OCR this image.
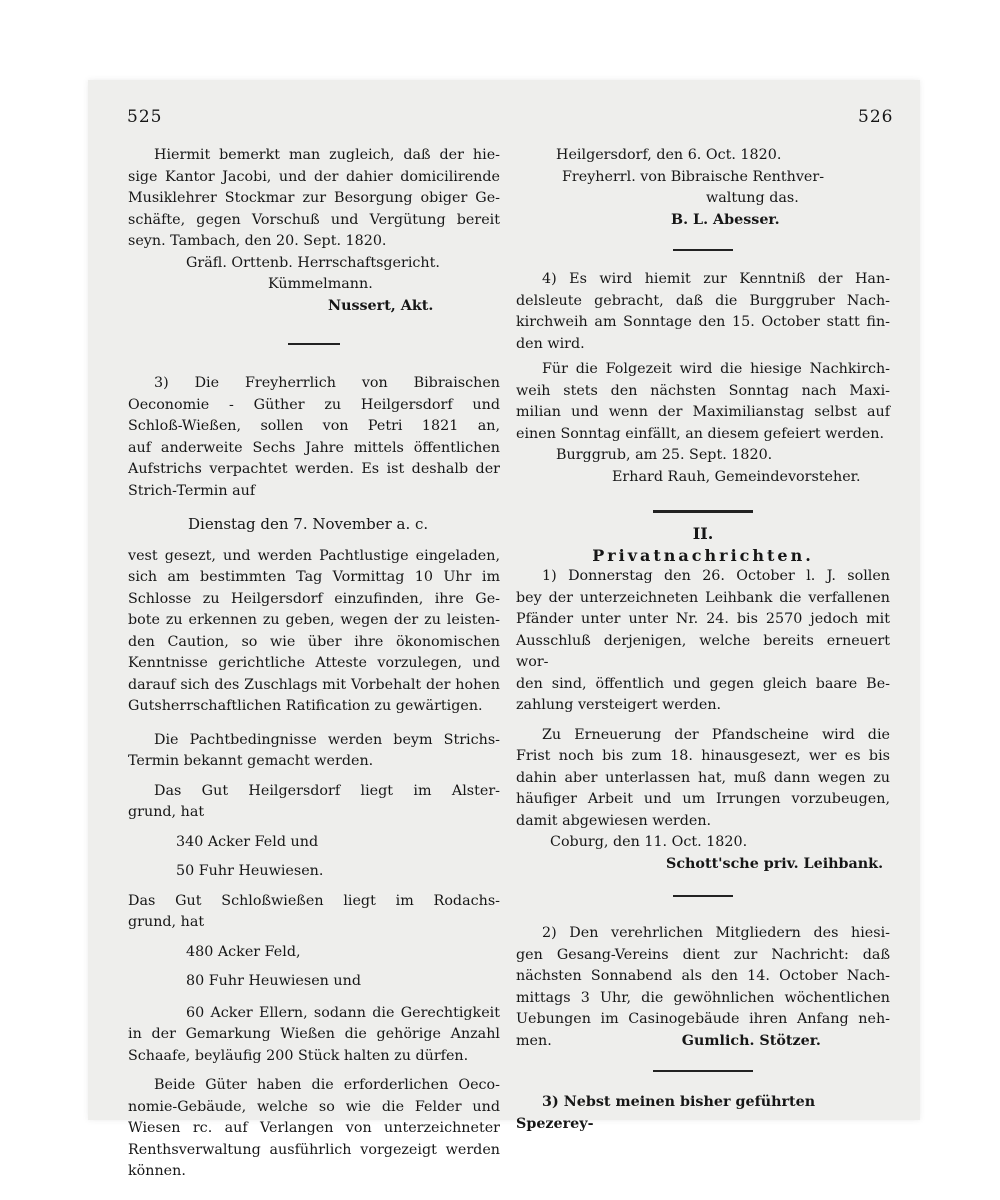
525	526

Hiermit bemerkt man zugleich, daß der hie-

sige Kantor Jacobi, und der dahier domicilirende

Musiklehrer Stockmar zur Besorgung obiger Ge-

schäfte, gegen Vorschuß und Vergütung bereit

seyn. Tambach, den 20. Sept. 1820.

Gräfl. Orttenb. Herrschaftsgericht.

Kümmelmann.

Nussert, Akt.

3) Die Freyherrlich von Bibraischen

Oeconomie - Güther zu Heilgersdorf und

Schloß-Wießen, sollen von Petri 1821 an,

auf anderweite Sechs Jahre mittels öffentlichen

Aufstrichs verpachtet werden. Es ist deshalb der

Strich-Termin auf

Dienstag den 7. November a. c.

vest gesezt, und werden Pachtlustige eingeladen,

sich am bestimmten Tag Vormittag 10 Uhr im

Schlosse zu Heilgersdorf einzufinden, ihre Ge-

bote zu erkennen zu geben, wegen der zu leisten-

den Caution, so wie über ihre ökonomischen

Kenntnisse gerichtliche Atteste vorzulegen, und

darauf sich des Zuschlags mit Vorbehalt der hohen

Gutsherrschaftlichen Ratification zu gewärtigen.

Die Pachtbedingnisse werden beym Strichs-

Termin bekannt gemacht werden.

Das Gut Heilgersdorf liegt im Alster-

grund, hat

340 Acker Feld und

50 Fuhr Heuwiesen.

Das Gut Schloßwießen liegt im Rodachs-

grund, hat

480 Acker Feld,

80 Fuhr Heuwiesen und

60 Acker Ellern, sodann die Gerechtigkeit

in der Gemarkung Wießen die gehörige Anzahl

Schaafe, beyläufig 200 Stück halten zu dürfen.

Beide Güter haben die erforderlichen Oeco-

nomie-Gebäude, welche so wie die Felder und

Wiesen rc. auf Verlangen von unterzeichneter

Renthsverwaltung ausführlich vorgezeigt werden

können.

Heilgersdorf, den 6. Oct. 1820.

Freyherrl. von Bibraische Renthver-

waltung das.

B. L. Abesser.

4) Es wird hiemit zur Kenntniß der Han-

delsleute gebracht, daß die Burggruber Nach-

kirchweih am Sonntage den 15. October statt fin-

den wird.

Für die Folgezeit wird die hiesige Nachkirch-

weih stets den nächsten Sonntag nach Maxi-

milian und wenn der Maximilianstag selbst auf

einen Sonntag einfällt, an diesem gefeiert werden.

Burggrub, am 25. Sept. 1820.

Erhard Rauh, Gemeindevorsteher.

II.

Privatnachrichten.

1) Donnerstag den 26. October l. J. sollen

bey der unterzeichneten Leihbank die verfallenen

Pfänder unter unter Nr. 24. bis 2570 jedoch mit

Ausschluß derjenigen, welche bereits erneuert wor-

den sind, öffentlich und gegen gleich baare Be-

zahlung versteigert werden.

Zu Erneuerung der Pfandscheine wird die

Frist noch bis zum 18. hinausgesezt, wer es bis

dahin aber unterlassen hat, muß dann wegen zu

häufiger Arbeit und um Irrungen vorzubeugen,

damit abgewiesen werden.

Coburg, den 11. Oct. 1820.

Schott'sche priv. Leihbank.

2) Den verehrlichen Mitgliedern des hiesi-

gen Gesang-Vereins dient zur Nachricht: daß

nächsten Sonnabend als den 14. October Nach-

mittags 3 Uhr, die gewöhnlichen wöchentlichen

Uebungen im Casinogebäude ihren Anfang neh-

men.	Gumlich. Stötzer.

3) Nebst meinen bisher geführten Spezerey-
